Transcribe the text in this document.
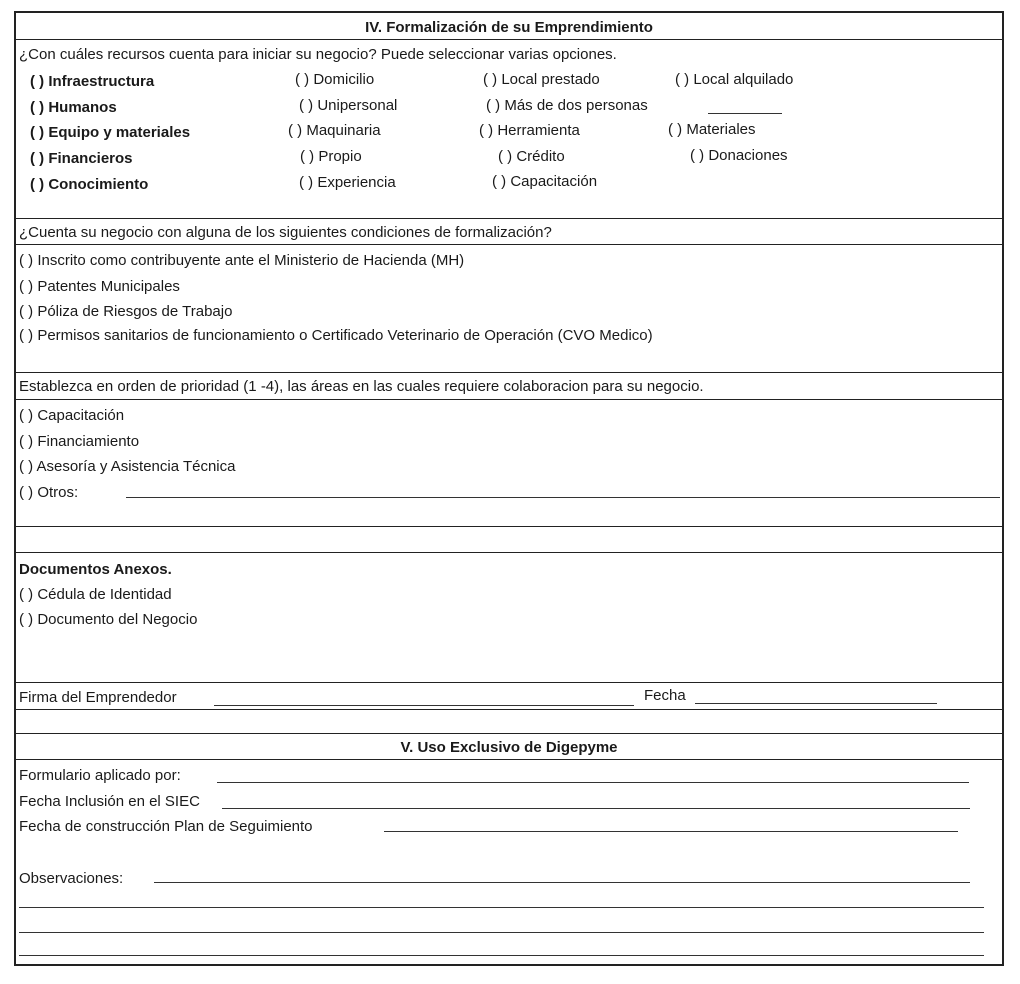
IV. Formalización de su Emprendimiento
¿Con cuáles recursos cuenta para iniciar su negocio? Puede seleccionar varias opciones.
( ) Infraestructura	( ) Domicilio	( ) Local prestado	( ) Local alquilado
( ) Humanos	( ) Unipersonal	( ) Más de dos personas
( ) Equipo y materiales	( ) Maquinaria	( ) Herramienta	( ) Materiales
( ) Financieros	( ) Propio	( ) Crédito	( ) Donaciones
( ) Conocimiento	( ) Experiencia	( ) Capacitación
¿Cuenta su negocio con alguna de los siguientes condiciones de formalización?
( ) Inscrito como contribuyente ante el Ministerio de Hacienda (MH)
( ) Patentes Municipales
( ) Póliza de Riesgos de Trabajo
( ) Permisos sanitarios de funcionamiento o Certificado Veterinario de Operación (CVO Medico)
Establezca en orden de prioridad (1 -4), las áreas en las cuales requiere colaboracion para su negocio.
( ) Capacitación
( ) Financiamiento
( ) Asesoría y Asistencia Técnica
( ) Otros:
Documentos Anexos.
( ) Cédula de Identidad
( ) Documento del Negocio
Firma del Emprendedor	Fecha
V. Uso Exclusivo de Digepyme
Formulario aplicado por:
Fecha Inclusión en el SIEC
Fecha de construcción Plan de Seguimiento
Observaciones:
